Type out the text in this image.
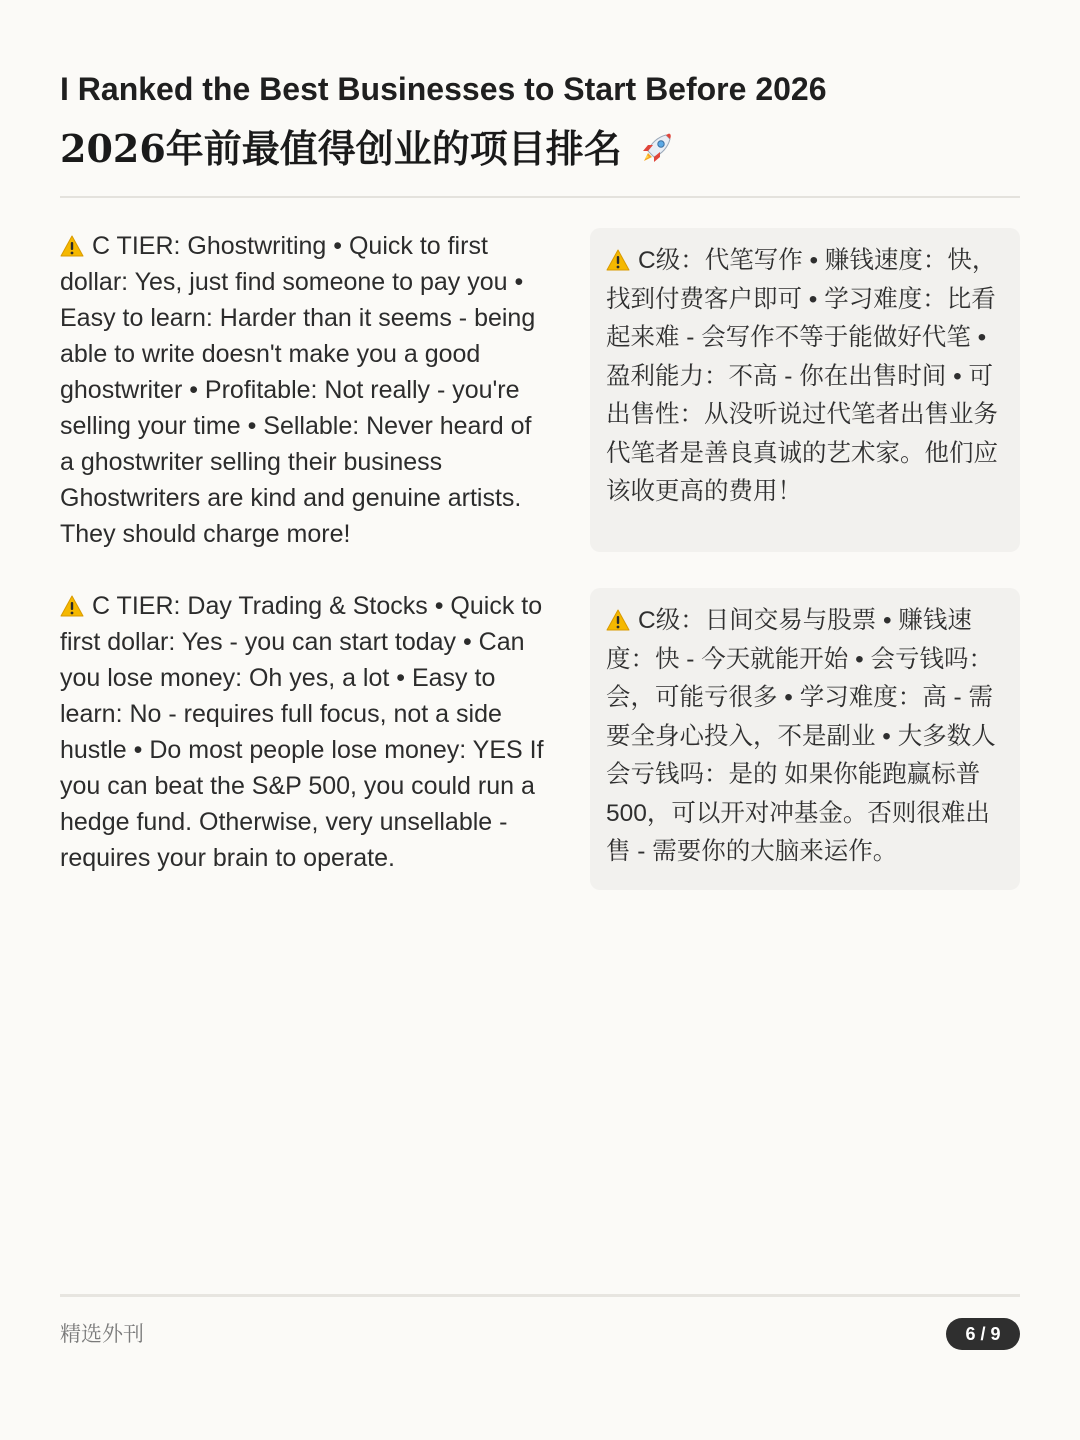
I Ranked the Best Businesses to Start Before 2026
2026年前最值得创业的项目排名
C TIER: Ghostwriting • Quick to first dollar: Yes, just find someone to pay you • Easy to learn: Harder than it seems - being able to write doesn't make you a good ghostwriter • Profitable: Not really - you're selling your time • Sellable: Never heard of a ghostwriter selling their business Ghostwriters are kind and genuine artists. They should charge more!
C级：代笔写作 • 赚钱速度：快，找到付费客户即可 • 学习难度：比看起来难 - 会写作不等于能做好代笔 • 盈利能力：不高 - 你在出售时间 • 可出售性：从没听说过代笔者出售业务 代笔者是善良真诚的艺术家。他们应该收更高的费用！
C TIER: Day Trading & Stocks • Quick to first dollar: Yes - you can start today • Can you lose money: Oh yes, a lot • Easy to learn: No - requires full focus, not a side hustle • Do most people lose money: YES If you can beat the S&P 500, you could run a hedge fund. Otherwise, very unsellable - requires your brain to operate.
C级：日间交易与股票 • 赚钱速度：快 - 今天就能开始 • 会亏钱吗：会，可能亏很多 • 学习难度：高 - 需要全身心投入，不是副业 • 大多数人会亏钱吗：是的 如果你能跑赢标普500，可以开对冲基金。否则很难出售 - 需要你的大脑来运作。
精选外刊	6 / 9
